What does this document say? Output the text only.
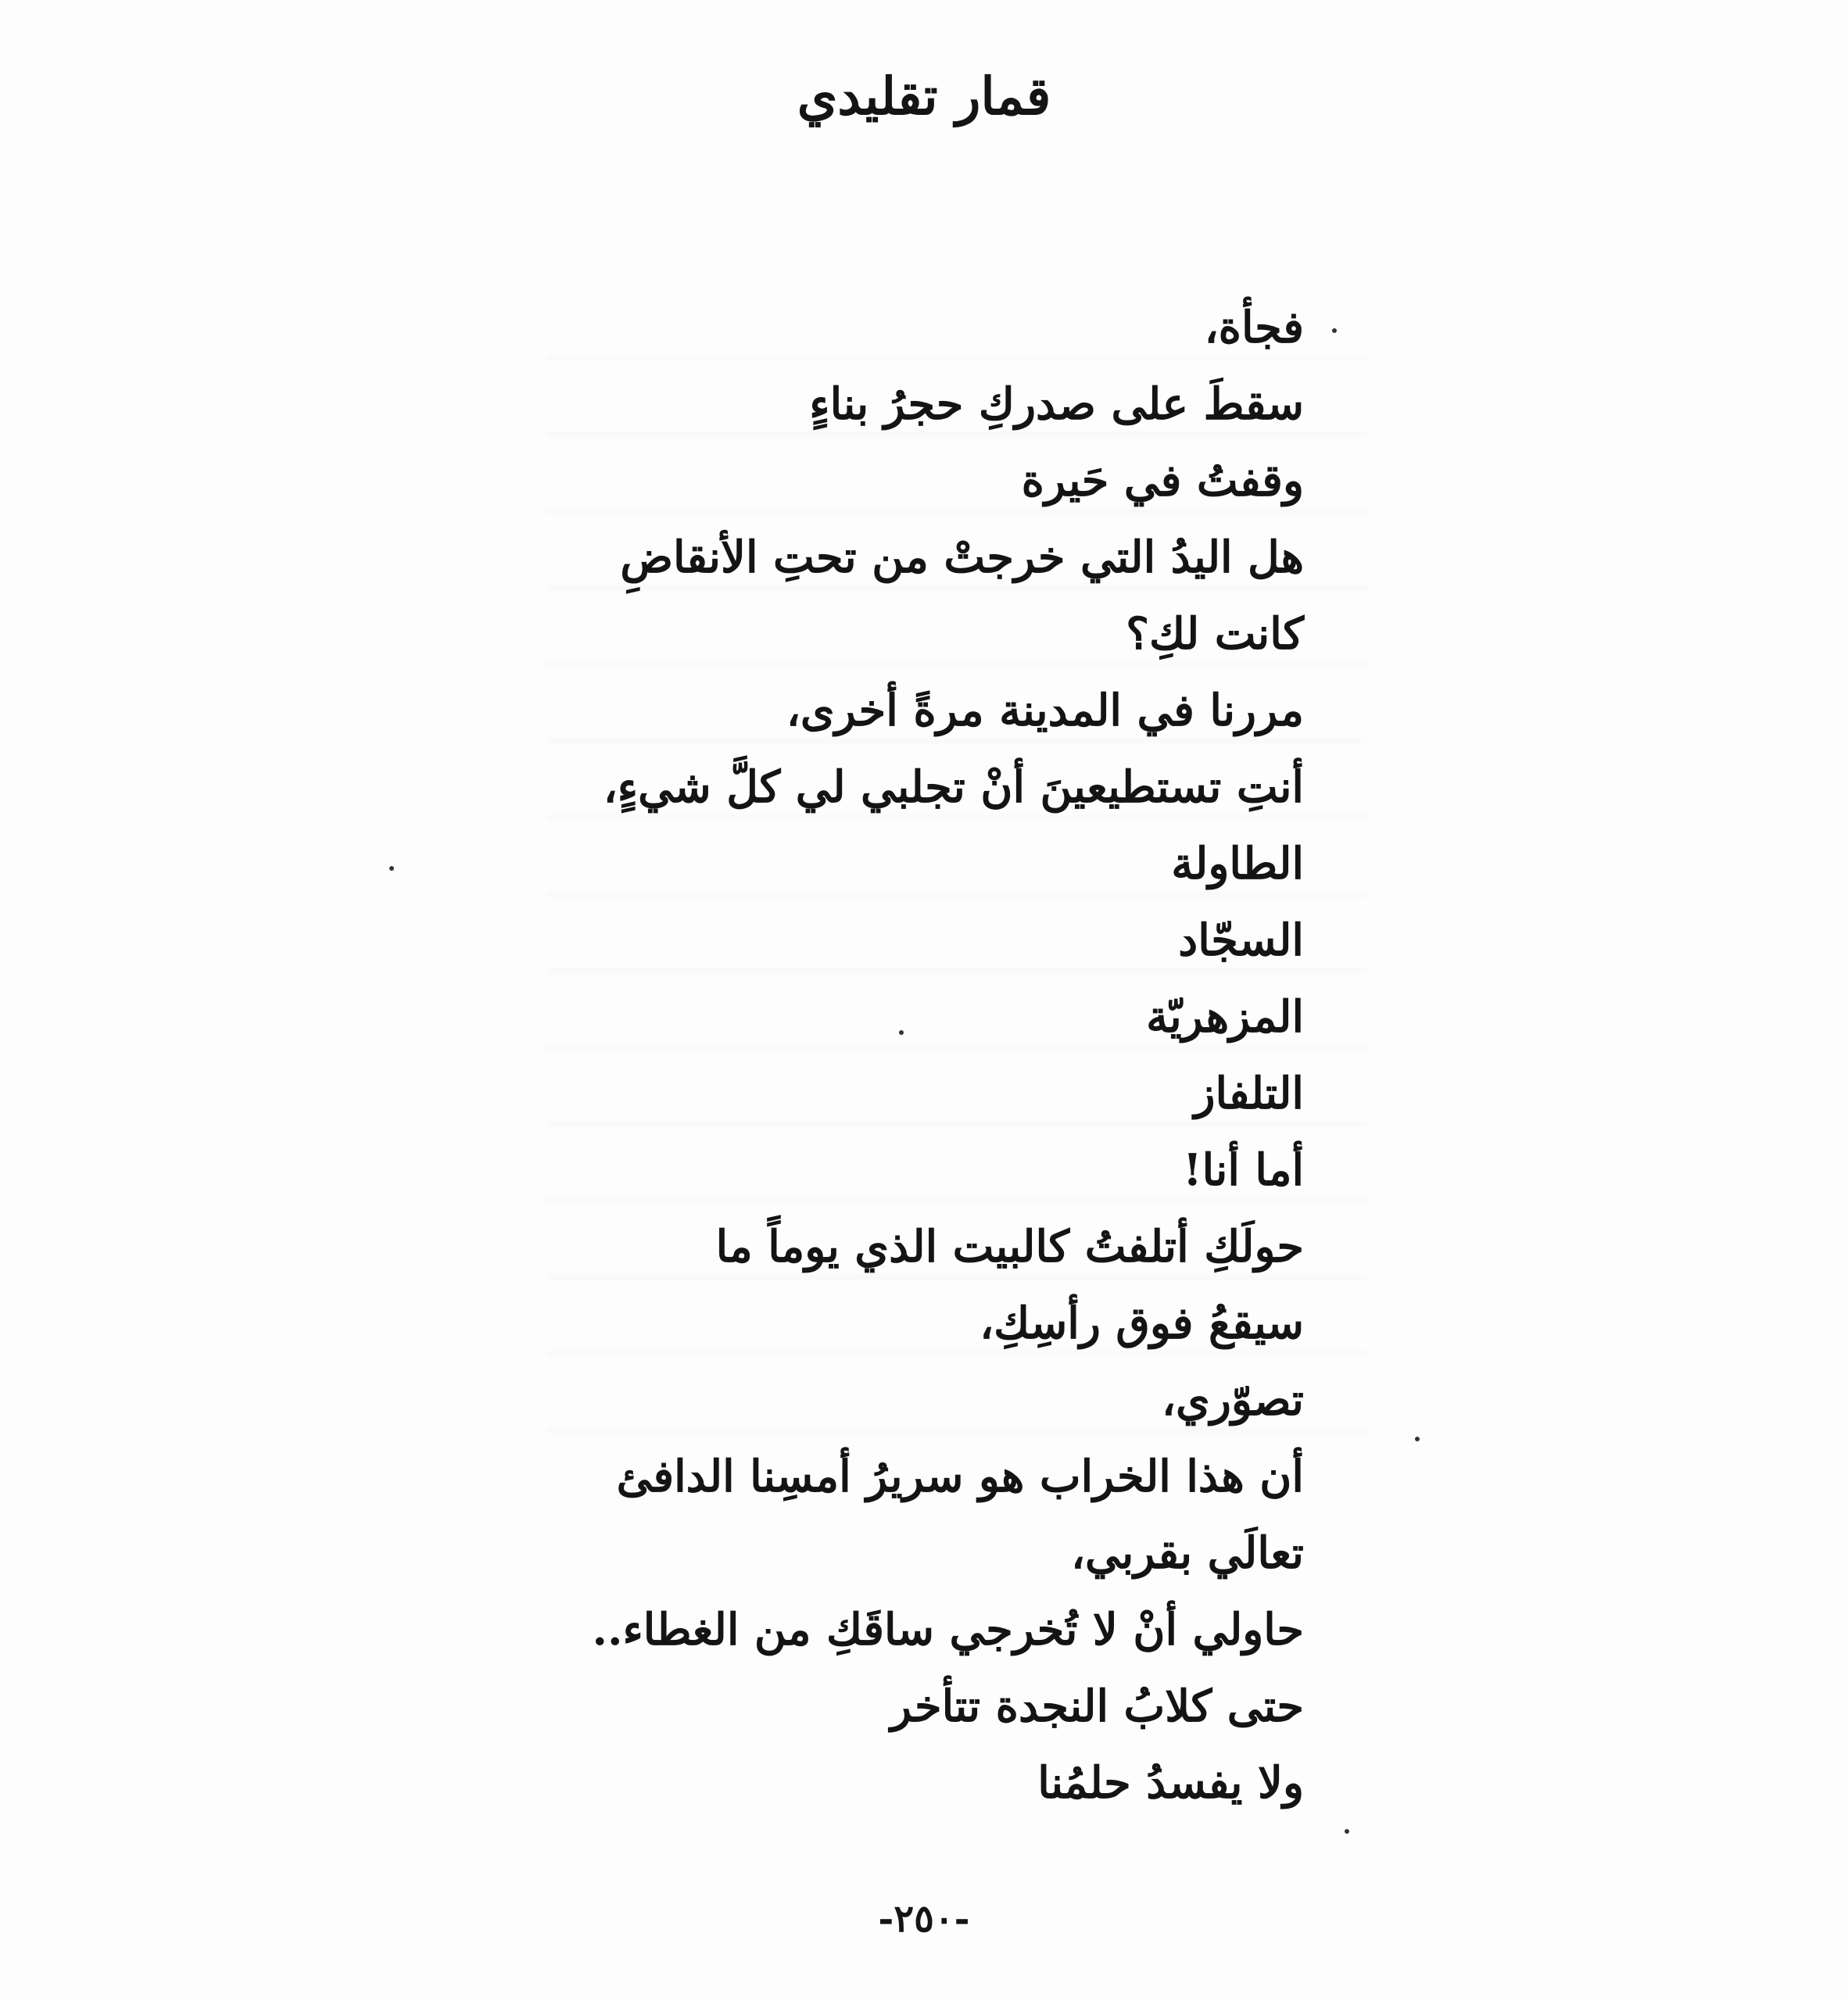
قمار تقليدي
فجأة،
سقطَ على صدركِ حجرُ بناءٍ
وقفتُ في حَيرة
هل اليدُ التي خرجتْ من تحتِ الأنقاضِ
كانت لكِ؟
مررنا في المدينة مرةً أخرى،
أنتِ تستطيعينَ أنْ تجلبي لي كلَّ شيءٍ،
الطاولة
السجّاد
المزهريّة
التلفاز
أما أنا!
حولَكِ أتلفتُ كالبيت الذي يوماً ما
سيقعُ فوق رأسِكِ،
تصوّري،
أن هذا الخراب هو سريرُ أمسِنا الدافئ
تعالَي بقربي،
حاولي أنْ لا تُخرجي ساقَكِ من الغطاء..
حتى كلابُ النجدة تتأخر
ولا يفسدُ حلمُنا
-٢٥٠-
